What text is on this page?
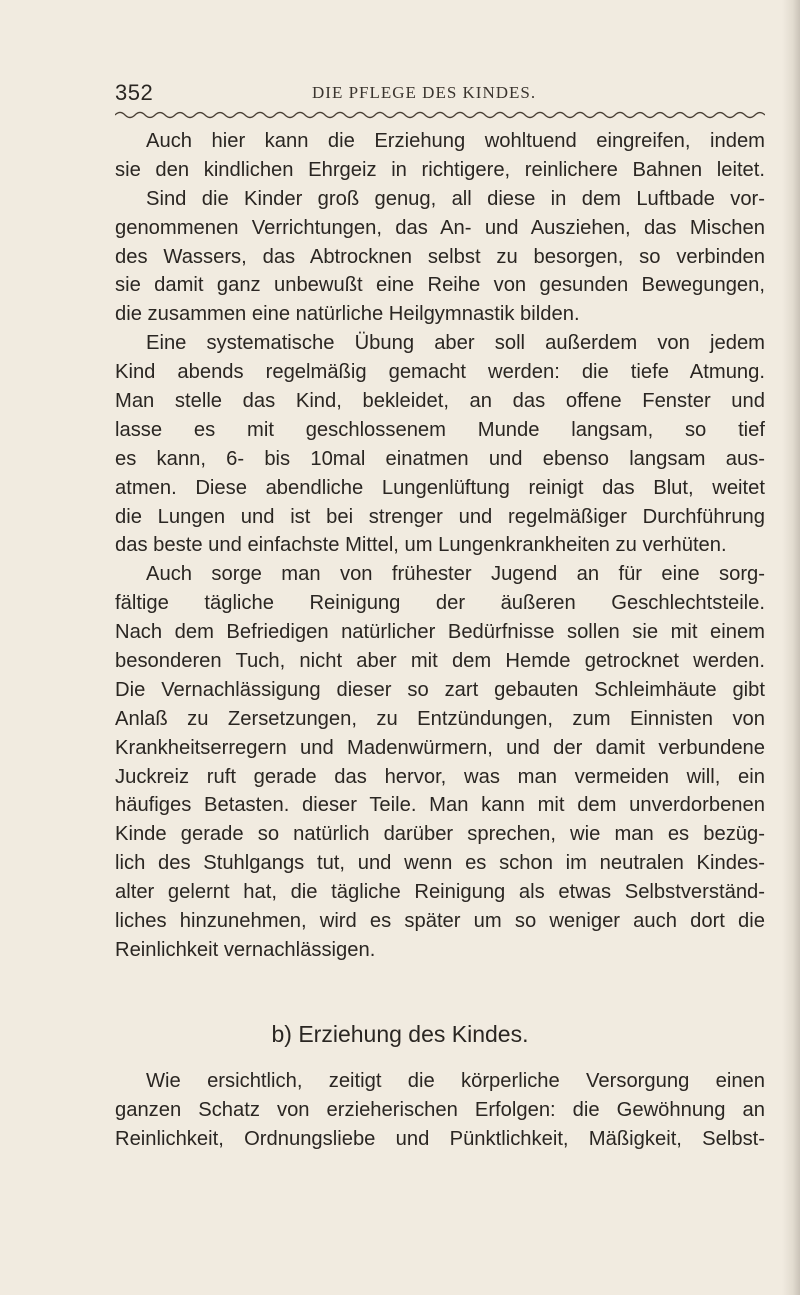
352	DIE PFLEGE DES KINDES.
Auch hier kann die Erziehung wohltuend eingreifen, indem
sie den kindlichen Ehrgeiz in richtigere, reinlichere Bahnen leitet.
Sind die Kinder groß genug, all diese in dem Luftbade vor-
genommenen Verrichtungen, das An- und Ausziehen, das Mischen
des Wassers, das Abtrocknen selbst zu besorgen, so verbinden
sie damit ganz unbewußt eine Reihe von gesunden Bewegungen,
die zusammen eine natürliche Heilgymnastik bilden.
Eine systematische Übung aber soll außerdem von jedem
Kind abends regelmäßig gemacht werden: die tiefe Atmung.
Man stelle das Kind, bekleidet, an das offene Fenster und
lasse es mit geschlossenem Munde langsam, so tief
es kann, 6- bis 10mal einatmen und ebenso langsam aus-
atmen. Diese abendliche Lungenlüftung reinigt das Blut, weitet
die Lungen und ist bei strenger und regelmäßiger Durchführung
das beste und einfachste Mittel, um Lungenkrankheiten zu verhüten.
Auch sorge man von frühester Jugend an für eine sorg-
fältige tägliche Reinigung der äußeren Geschlechtsteile.
Nach dem Befriedigen natürlicher Bedürfnisse sollen sie mit einem
besonderen Tuch, nicht aber mit dem Hemde getrocknet werden.
Die Vernachlässigung dieser so zart gebauten Schleimhäute gibt
Anlaß zu Zersetzungen, zu Entzündungen, zum Einnisten von
Krankheitserregern und Madenwürmern, und der damit verbundene
Juckreiz ruft gerade das hervor, was man vermeiden will, ein
häufiges Betasten. dieser Teile. Man kann mit dem unverdorbenen
Kinde gerade so natürlich darüber sprechen, wie man es bezüg-
lich des Stuhlgangs tut, und wenn es schon im neutralen Kindes-
alter gelernt hat, die tägliche Reinigung als etwas Selbstverständ-
liches hinzunehmen, wird es später um so weniger auch dort die
Reinlichkeit vernachlässigen.
b) Erziehung des Kindes.
Wie ersichtlich, zeitigt die körperliche Versorgung einen
ganzen Schatz von erzieherischen Erfolgen: die Gewöhnung an
Reinlichkeit, Ordnungsliebe und Pünktlichkeit, Mäßigkeit, Selbst-
